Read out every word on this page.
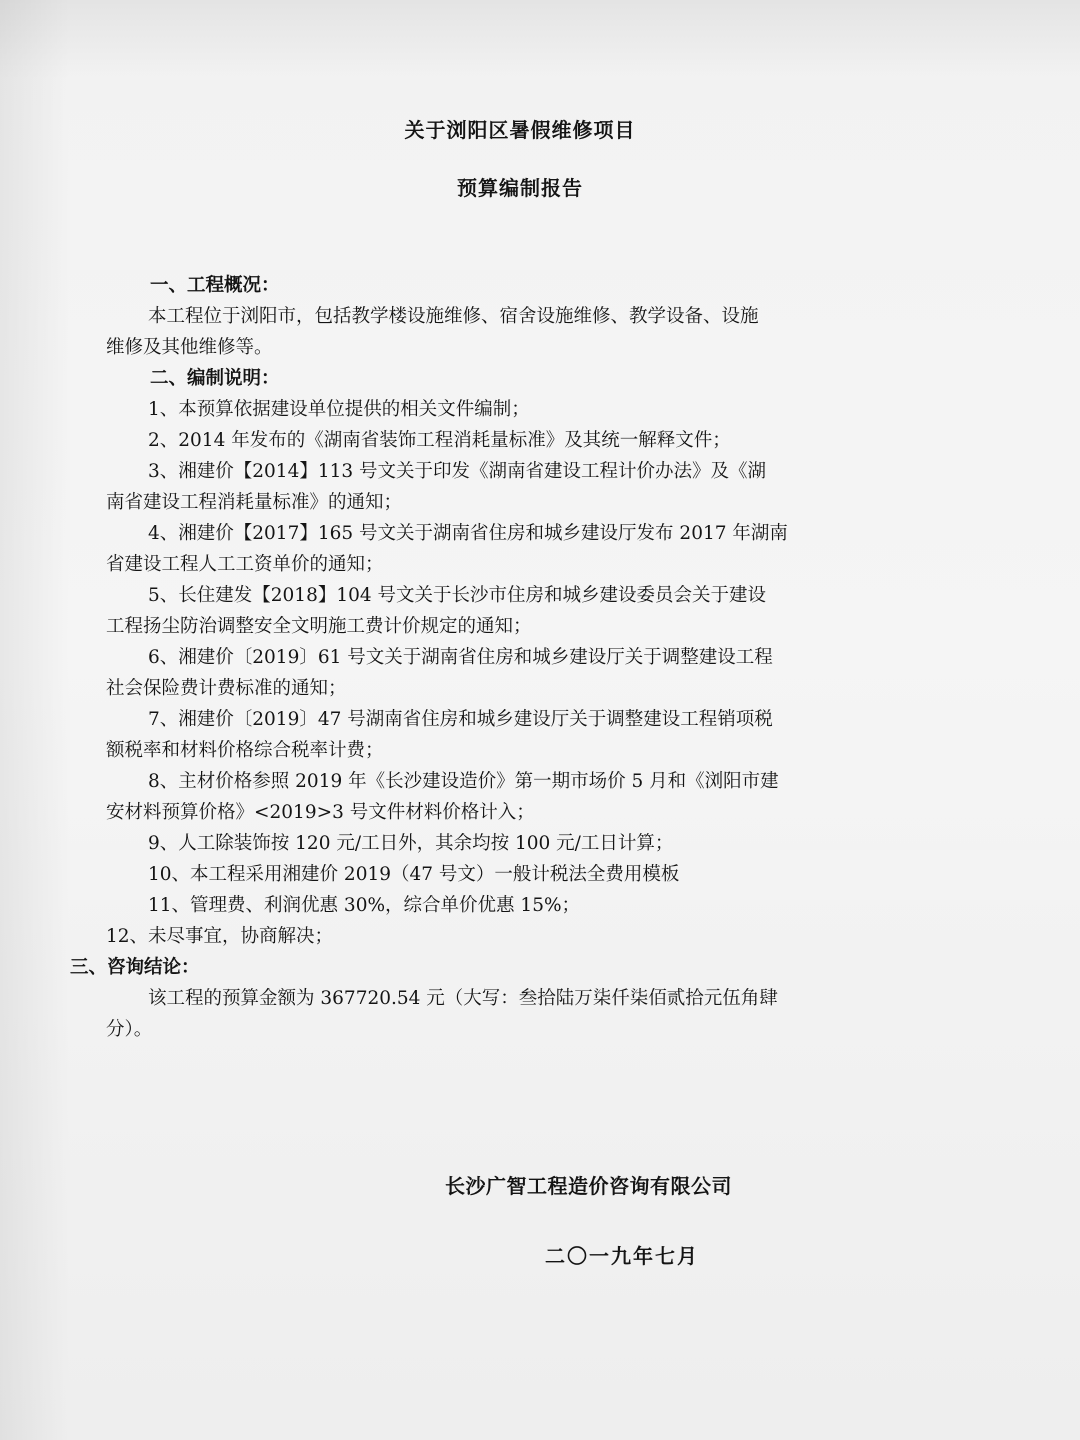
关于浏阳区暑假维修项目
预算编制报告

一、工程概况：

本工程位于浏阳市，包括教学楼设施维修、宿舍设施维修、教学设备、设施

维修及其他维修等。

二、编制说明：

1、本预算依据建设单位提供的相关文件编制；

2、2014 年发布的《湖南省装饰工程消耗量标准》及其统一解释文件；

3、湘建价【2014】113 号文关于印发《湖南省建设工程计价办法》及《湖

南省建设工程消耗量标准》的通知；

4、湘建价【2017】165 号文关于湖南省住房和城乡建设厅发布 2017 年湖南

省建设工程人工工资单价的通知；

5、长住建发【2018】104 号文关于长沙市住房和城乡建设委员会关于建设

工程扬尘防治调整安全文明施工费计价规定的通知；

6、湘建价〔2019〕61 号文关于湖南省住房和城乡建设厅关于调整建设工程

社会保险费计费标准的通知；

7、湘建价〔2019〕47 号湖南省住房和城乡建设厅关于调整建设工程销项税

额税率和材料价格综合税率计费；

8、主材价格参照 2019 年《长沙建设造价》第一期市场价 5 月和《浏阳市建

安材料预算价格》<2019>3 号文件材料价格计入；

9、人工除装饰按 120 元/工日外，其余均按 100 元/工日计算；

10、本工程采用湘建价 2019（47 号文）一般计税法全费用模板

11、管理费、利润优惠 30%，综合单价优惠 15%；

12、未尽事宜，协商解决；

三、咨询结论：

该工程的预算金额为 367720.54 元（大写：叁拾陆万柒仟柒佰贰拾元伍角肆

分）。

长沙广智工程造价咨询有限公司
二〇一九年七月
